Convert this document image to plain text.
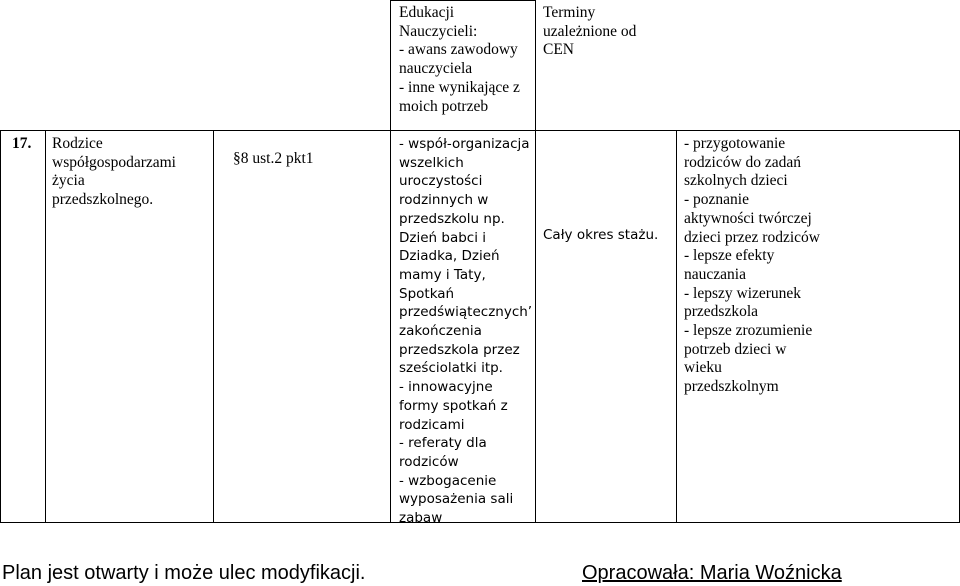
Edukacji
Nauczycieli:
- awans zawodowy
nauczyciela
- inne wynikające z
moich potrzeb
Terminy
uzależnione od
CEN
17.	Rodzice
współgospodarzami
życia
przedszkolnego.
§8 ust.2 pkt1
- współ-organizacja
wszelkich
uroczystości
rodzinnych w
przedszkolu np.
Dzień babci i
Dziadka, Dzień
mamy i Taty,
Spotkań
przedświątecznych’
zakończenia
przedszkola przez
sześciolatki itp.
- innowacyjne
formy spotkań z
rodzicami
- referaty dla
rodziców
- wzbogacenie
wyposażenia sali
zabaw
Cały okres stażu.
- przygotowanie
rodziców do zadań
szkolnych dzieci
- poznanie
aktywności twórczej
dzieci przez rodziców
- lepsze efekty
nauczania
- lepszy wizerunek
przedszkola
- lepsze zrozumienie
potrzeb dzieci w
wieku
przedszkolnym
Plan jest otwarty i może ulec modyfikacji.	Opracowała: Maria Woźnicka
